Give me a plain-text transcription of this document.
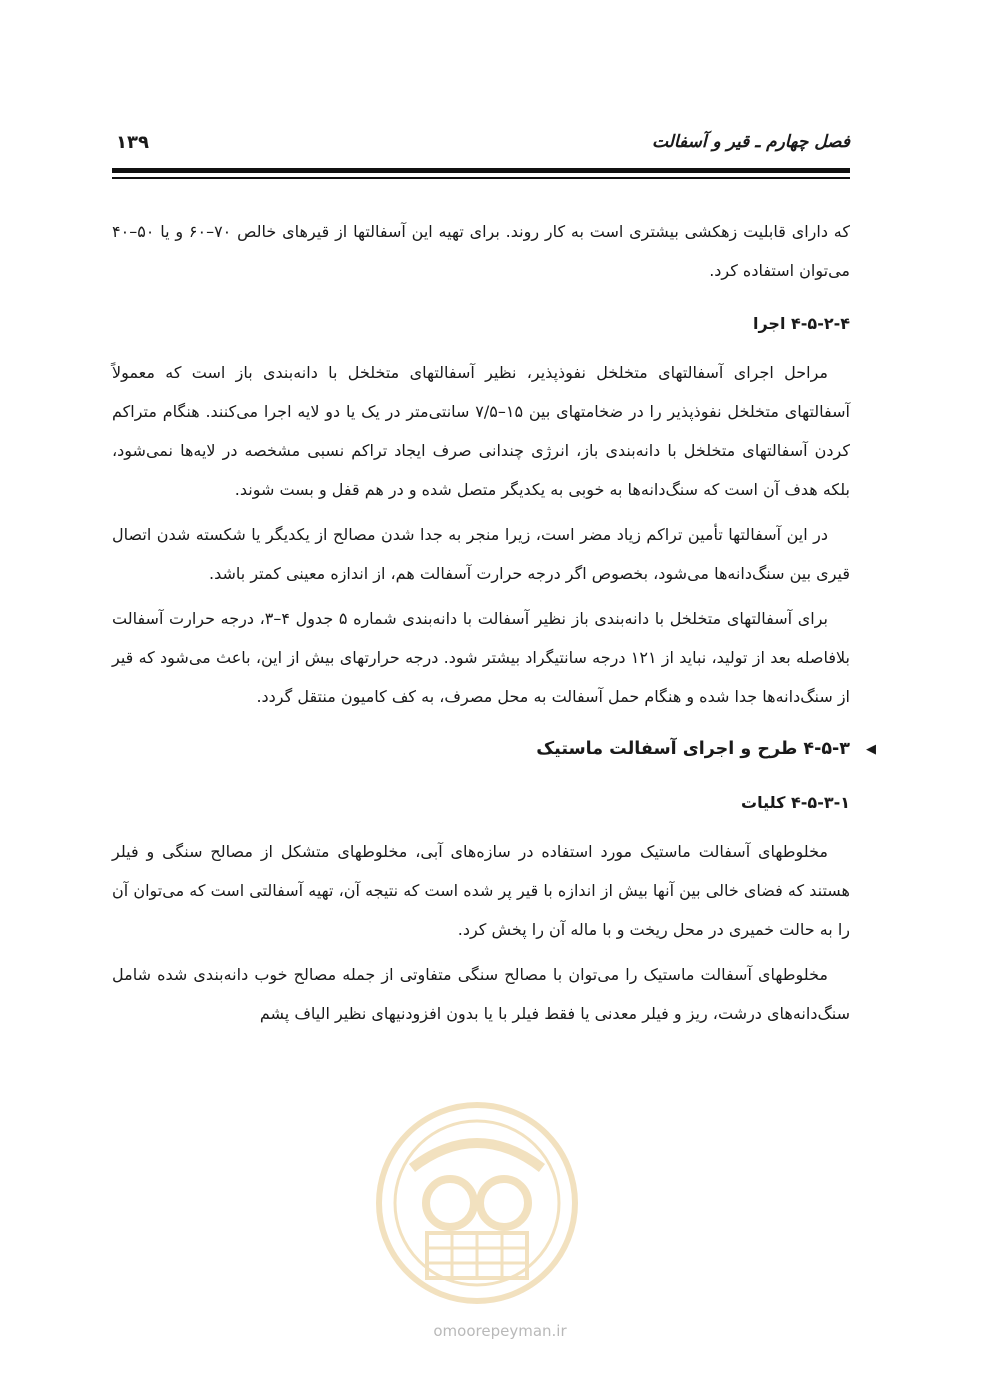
فصل چهارم ـ قیر و آسفالت
۱۳۹

که دارای قابلیت زهکشی بیشتری است به کار روند. برای تهیه این آسفالتها از قیرهای خالص ۷۰–۶۰ و یا ۵۰–۴۰ می‌توان استفاده کرد.

۴-۵-۲-۴ اجرا

مراحل اجرای آسفالتهای متخلخل نفوذپذیر، نظیر آسفالتهای متخلخل با دانه‌بندی باز است که معمولاً آسفالتهای متخلخل نفوذپذیر را در ضخامتهای بین ۱۵–۷/۵ سانتی‌متر در یک یا دو لایه اجرا می‌کنند. هنگام متراکم کردن آسفالتهای متخلخل با دانه‌بندی باز، انرژی چندانی صرف ایجاد تراکم نسبی مشخصه در لایه‌ها نمی‌شود، بلکه هدف آن است که سنگ‌دانه‌ها به خوبی به یکدیگر متصل شده و در هم قفل و بست شوند.

در این آسفالتها تأمین تراکم زیاد مضر است، زیرا منجر به جدا شدن مصالح از یکدیگر یا شکسته شدن اتصال قیری بین سنگ‌دانه‌ها می‌شود، بخصوص اگر درجه حرارت آسفالت هم، از اندازه معینی کمتر باشد.

برای آسفالتهای متخلخل با دانه‌بندی باز نظیر آسفالت با دانه‌بندی شماره ۵ جدول ۴–۳، درجه حرارت آسفالت بلافاصله بعد از تولید، نباید از ۱۲۱ درجه سانتیگراد بیشتر شود. درجه حرارتهای بیش از این، باعث می‌شود که قیر از سنگ‌دانه‌ها جدا شده و هنگام حمل آسفالت به محل مصرف، به کف کامیون منتقل گردد.

◀
۴-۵-۳ طرح و اجرای آسفالت ماستیک
۴-۵-۳-۱ کلیات

مخلوطهای آسفالت ماستیک مورد استفاده در سازه‌های آبی، مخلوطهای متشکل از مصالح سنگی و فیلر هستند که فضای خالی بین آنها بیش از اندازه با قیر پر شده است که نتیجه آن، تهیه آسفالتی است که می‌توان آن را به حالت خمیری در محل ریخت و با ماله آن را پخش کرد.

مخلوطهای آسفالت ماستیک را می‌توان با مصالح سنگی متفاوتی از جمله مصالح خوب دانه‌بندی شده شامل سنگ‌دانه‌های درشت، ریز و فیلر معدنی یا فقط فیلر با یا بدون افزودنیهای نظیر الیاف پشم

omoorepeyman.ir
